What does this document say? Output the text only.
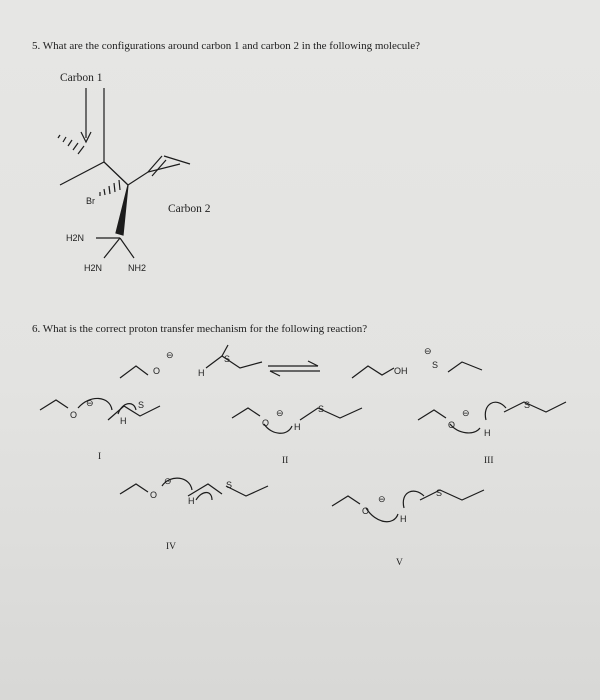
5. What are the configurations around carbon 1 and carbon 2 in the following molecule?
Carbon 1
Carbon 2
Br
H2N
H2N	NH2
6. What is the correct proton transfer mechanism for the following reaction?
⊖
O	H
S
OH
⊖
S
⊖
O
H
S
I
⊖
O	H
S
II
⊖
O
H
S
III
⊖
O
H
S
IV
⊖
O
H
S
V
